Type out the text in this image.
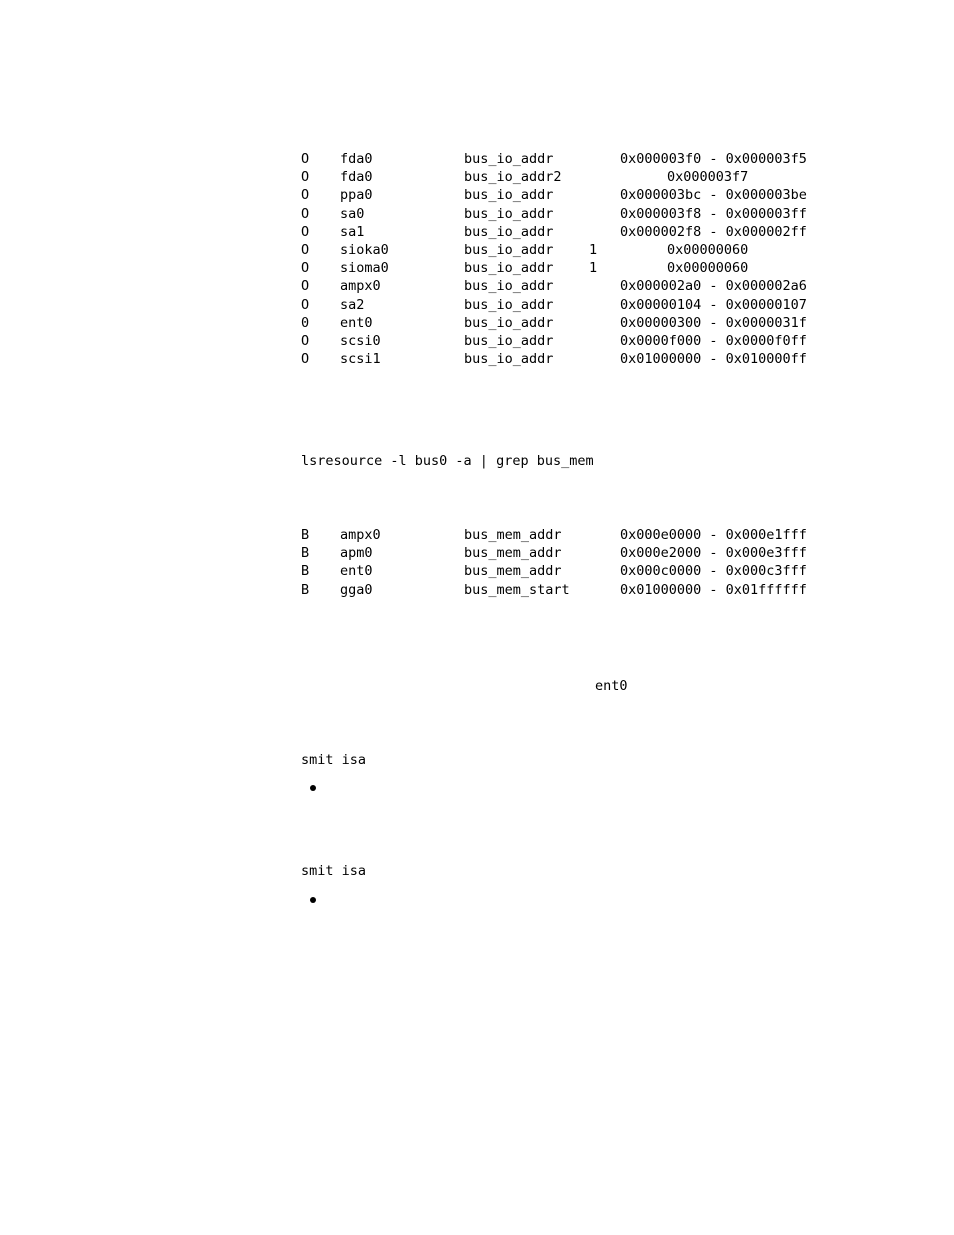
O fda0	bus_io_addr	0x000003f0 - 0x000003f5
O fda0	bus_io_addr2	0x000003f7
O ppa0	bus_io_addr	0x000003bc - 0x000003be
O sa0	bus_io_addr	0x000003f8 - 0x000003ff
O sa1	bus_io_addr	0x000002f8 - 0x000002ff
O sioka0	bus_io_addr	1	0x00000060
O sioma0	bus_io_addr	1	0x00000060
O ampx0	bus_io_addr	0x000002a0 - 0x000002a6
O sa2	bus_io_addr	0x00000104 - 0x00000107
0 ent0	bus_io_addr	0x00000300 - 0x0000031f
O scsi0	bus_io_addr	0x0000f000 - 0x0000f0ff
O scsi1	bus_io_addr	0x01000000 - 0x010000ff
lsresource -l bus0 -a | grep bus_mem
B ampx0	bus_mem_addr	0x000e0000 - 0x000e1fff
B apm0	bus_mem_addr	0x000e2000 - 0x000e3fff
B ent0	bus_mem_addr	0x000c0000 - 0x000c3fff
B gga0	bus_mem_start	0x01000000 - 0x01ffffff
ent0
smit isa
smit isa
